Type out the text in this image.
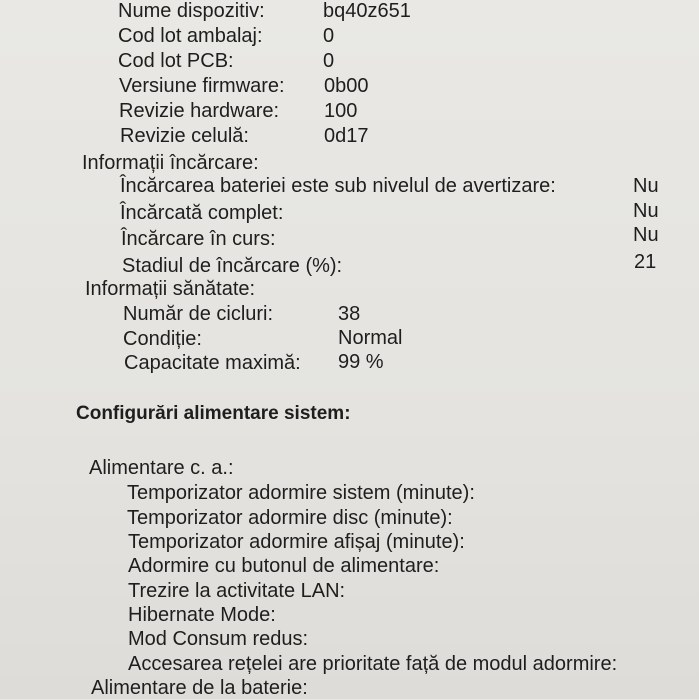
Nume dispozitiv:	bq40z651
Cod lot ambalaj:	0
Cod lot PCB:	0
Versiune firmware: 0b00
Revizie hardware: 100
Revizie celulă:	0d17
Informații încărcare:
Încărcarea bateriei este sub nivelul de avertizare:	Nu
Încărcată complet:	Nu
Încărcare în curs:	Nu
Stadiul de încărcare (%):	21
Informații sănătate:
Număr de cicluri:	38
Condiție:	Normal
Capacitate maximă: 99 %
Configurări alimentare sistem:
Alimentare c. a.:
Temporizator adormire sistem (minute):
Temporizator adormire disc (minute):
Temporizator adormire afișaj (minute):
Adormire cu butonul de alimentare:
Trezire la activitate LAN:
Hibernate Mode:
Mod Consum redus:
Accesarea rețelei are prioritate față de modul adormire:
Alimentare de la baterie:
